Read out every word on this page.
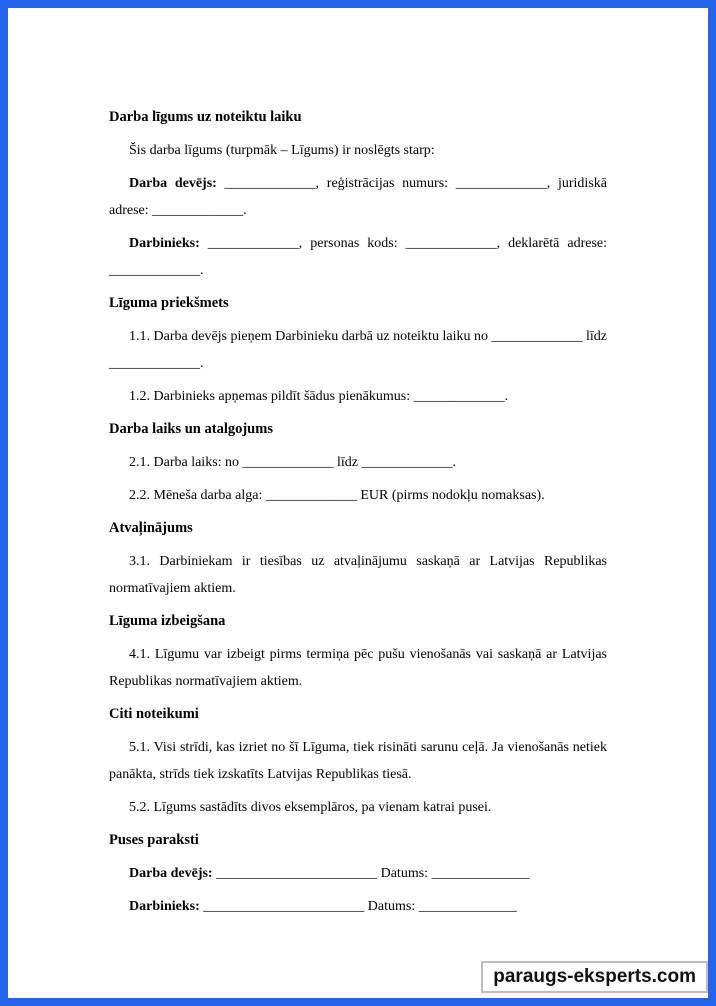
Darba līgums uz noteiktu laiku

Šis darba līgums (turpmāk – Līgums) ir noslēgts starp:

Darba devējs: _____________, reģistrācijas numurs: _____________, juridiskā adrese: _____________.

Darbinieks: _____________, personas kods: _____________, deklarētā adrese: _____________.

Līguma priekšmets

1.1. Darba devējs pieņem Darbinieku darbā uz noteiktu laiku no _____________ līdz _____________.

1.2. Darbinieks apņemas pildīt šādus pienākumus: _____________.

Darba laiks un atalgojums

2.1. Darba laiks: no _____________ līdz _____________.

2.2. Mēneša darba alga: _____________ EUR (pirms nodokļu nomaksas).

Atvaļinājums

3.1. Darbiniekam ir tiesības uz atvaļinājumu saskaņā ar Latvijas Republikas normatīvajiem aktiem.

Līguma izbeigšana

4.1. Līgumu var izbeigt pirms termiņa pēc pušu vienošanās vai saskaņā ar Latvijas Republikas normatīvajiem aktiem.

Citi noteikumi

5.1. Visi strīdi, kas izriet no šī Līguma, tiek risināti sarunu ceļā. Ja vienošanās netiek panākta, strīds tiek izskatīts Latvijas Republikas tiesā.

5.2. Līgums sastādīts divos eksemplāros, pa vienam katrai pusei.

Puses paraksti

Darba devējs: _______________________ Datums: ______________

Darbinieks: _______________________ Datums: ______________

paraugs-eksperts.com
